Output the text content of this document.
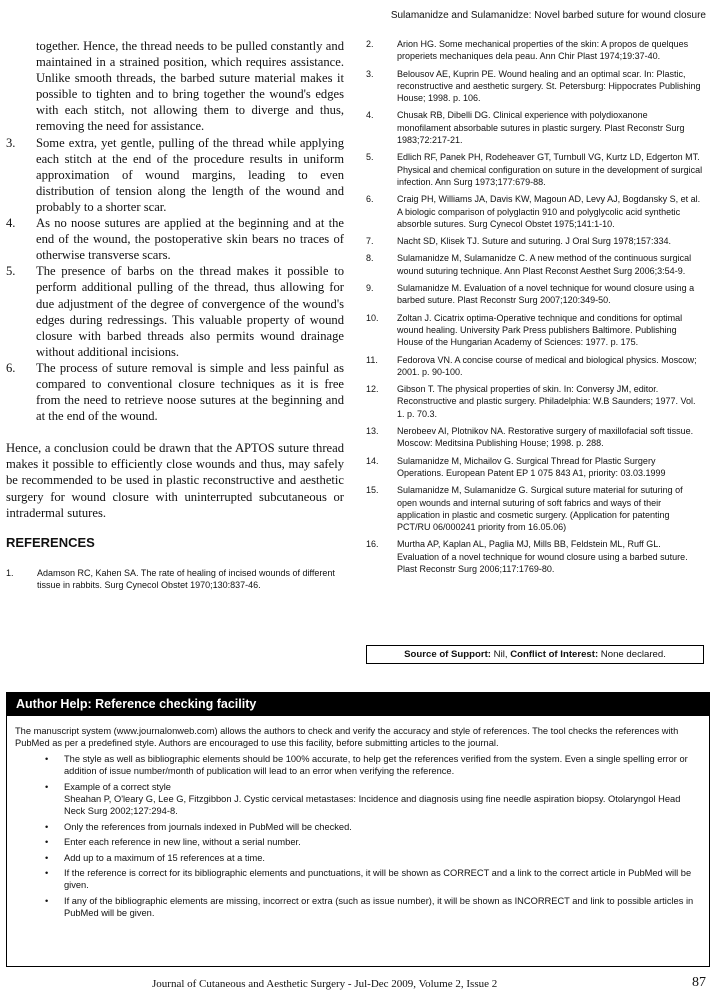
Sulamanidze and Sulamanidze: Novel barbed suture for wound closure
together. Hence, the thread needs to be pulled constantly and maintained in a strained position, which requires assistance. Unlike smooth threads, the barbed suture material makes it possible to tighten and to bring together the wound's edges with each stitch, not allowing them to diverge and thus, removing the need for assistance.
3. Some extra, yet gentle, pulling of the thread while applying each stitch at the end of the procedure results in uniform approximation of wound margins, leading to even distribution of tension along the length of the wound and probably to a shorter scar.
4. As no noose sutures are applied at the beginning and at the end of the wound, the postoperative skin bears no traces of otherwise transverse scars.
5. The presence of barbs on the thread makes it possible to perform additional pulling of the thread, thus allowing for due adjustment of the degree of convergence of the wound's edges during redressings. This valuable property of wound closure with barbed threads also permits wound drainage without additional incisions.
6. The process of suture removal is simple and less painful as compared to conventional closure techniques as it is free from the need to retrieve noose sutures at the beginning and at the end of the wound.
Hence, a conclusion could be drawn that the APTOS suture thread makes it possible to efficiently close wounds and thus, may safely be recommended to be used in plastic reconstructive and aesthetic surgery for wound closure with uninterrupted subcutaneous or intradermal sutures.
REFERENCES
1.	Adamson RC, Kahen SA. The rate of healing of incised wounds of different tissue in rabbits. Surg Cynecol Obstet 1970;130:837-46.
2.	Arion HG. Some mechanical properties of the skin: A propos de quelques properiets mechaniques dela peau. Ann Chir Plast 1974;19:37-40.
3.	Belousov AE, Kuprin PE. Wound healing and an optimal scar. In: Plastic, reconstructive and aesthetic surgery. St. Petersburg: Hippocrates Publishing House; 1998. p. 106.
4.	Chusak RB, Dibelli DG. Clinical experience with polydioxanone monofilament absorbable sutures in plastic surgery. Plast Reconstr Surg 1983;72:217-21.
5.	Edlich RF, Panek PH, Rodeheaver GT, Turnbull VG, Kurtz LD, Edgerton MT. Physical and chemical configuration on suture in the development of surgical infection. Ann Surg 1973;177:679-88.
6.	Craig PH, Williams JA, Davis KW, Magoun AD, Levy AJ, Bogdansky S, et al. A biologic comparison of polyglactin 910 and polyglycolic acid synthetic absorble sutures. Surg Cynecol Obstet 1975;141:1-10.
7.	Nacht SD, Klisek TJ. Suture and suturing. J Oral Surg 1978;157:334.
8.	Sulamanidze M, Sulamanidze C. A new method of the continuous surgical wound suturing technique. Ann Plast Reconst Aesthet Surg 2006;3:54-9.
9.	Sulamanidze M. Evaluation of a novel technique for wound closure using a barbed suture. Plast Reconstr Surg 2007;120:349-50.
10. Zoltan J. Cicatrix optima-Operative technique and conditions for optimal wound healing. University Park Press publishers Baltimore. Publishing House of the Hungarian Academy of Sciences: 1977. p. 175.
11. Fedorova VN. A concise course of medical and biological physics. Moscow; 2001. p. 90-100.
12. Gibson T. The physical properties of skin. In: Conversy JM, editor. Reconstructive and plastic surgery. Philadelphia: W.B Saunders; 1977. Vol. 1. p. 70.3.
13. Nerobeev AI, Plotnikov NA. Restorative surgery of maxillofacial soft tissue. Moscow: Meditsina Publishing House; 1998. p. 288.
14. Sulamanidze M, Michailov G. Surgical Thread for Plastic Surgery Operations. European Patent EP 1 075 843 A1, priority: 03.03.1999
15. Sulamanidze M, Sulamanidze G. Surgical suture material for suturing of open wounds and internal suturing of soft fabrics and ways of their application in plastic and cosmetic surgery. (Application for patenting PCT/RU 06/000241 priority from 16.05.06)
16. Murtha AP, Kaplan AL, Paglia MJ, Mills BB, Feldstein ML, Ruff GL. Evaluation of a novel technique for wound closure using a barbed suture. Plast Reconstr Surg 2006;117:1769-80.
Source of Support: Nil, Conflict of Interest: None declared.
Author Help: Reference checking facility
The manuscript system (www.journalonweb.com) allows the authors to check and verify the accuracy and style of references. The tool checks the references with PubMed as per a predefined style. Authors are encouraged to use this facility, before submitting articles to the journal.
• The style as well as bibliographic elements should be 100% accurate, to help get the references verified from the system. Even a single spelling error or addition of issue number/month of publication will lead to an error when verifying the reference.
• Example of a correct style
Sheahan P, O'leary G, Lee G, Fitzgibbon J. Cystic cervical metastases: Incidence and diagnosis using fine needle aspiration biopsy. Otolaryngol Head Neck Surg 2002;127:294-8.
• Only the references from journals indexed in PubMed will be checked.
• Enter each reference in new line, without a serial number.
• Add up to a maximum of 15 references at a time.
• If the reference is correct for its bibliographic elements and punctuations, it will be shown as CORRECT and a link to the correct article in PubMed will be given.
• If any of the bibliographic elements are missing, incorrect or extra (such as issue number), it will be shown as INCORRECT and link to possible articles in PubMed will be given.
Journal of Cutaneous and Aesthetic Surgery - Jul-Dec 2009, Volume 2, Issue 2	87
